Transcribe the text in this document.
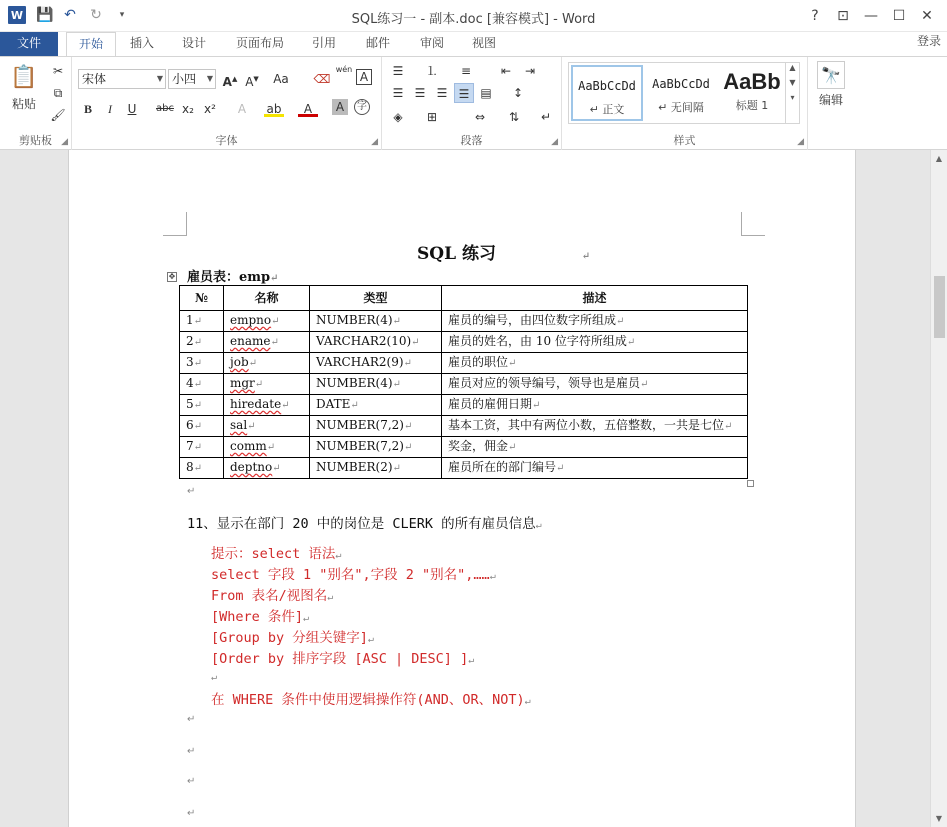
W 💾 ↶ ↻	▾	SQL练习一 - 副本.doc [兼容模式] - Word	?	⊡	—	☐	✕
文件	开始	插入	设计	页面布局	引用	邮件	审阅	视图	登录
📋
粘贴
✂
⧉
🖌
剪贴板	◢
宋体	▼ 小四 ▼ A▲ A▼	Aa	⌫
wén
A
B	I	U	abc x₂ x²	A	ab	A	A	字
字体	◢
☰	⒈	≡	⇤	⇥
☰ ☰ ☰ ☰ ▤	↕
◈	⊞	⇔	⇅	↵
段落	◢	样式	◢
AaBbCcDd
↵ 正文
AaBbCcDd
↵ 无间隔
AaBb
标题 1
▲
▼
▾
🔭
编辑
SQL 练习	↵
✥ 雇员表：emp↵
№	名称	类型	描述
1↵	empno↵	NUMBER(4)↵	雇员的编号，由四位数字所组成↵
2↵	ename↵	VARCHAR2(10)↵	雇员的姓名，由 10 位字符所组成↵
3↵	job↵	VARCHAR2(9)↵	雇员的职位↵
4↵	mgr↵	NUMBER(4)↵	雇员对应的领导编号，领导也是雇员↵
5↵	hiredate↵	DATE↵	雇员的雇佣日期↵
6↵	sal↵	NUMBER(7,2)↵	基本工资，其中有两位小数，五倍整数，一共是七位↵
7↵	comm↵	NUMBER(7,2)↵	奖金，佣金↵
8↵	deptno↵	NUMBER(2)↵	雇员所在的部门编号↵
↵
11、显示在部门 20 中的岗位是 CLERK 的所有雇员信息↵
提示：select 语法↵
select 字段 1 "别名",字段 2 "别名",……↵
From 表名/视图名↵
[Where 条件]↵
[Group by 分组关键字]↵
[Order by 排序字段 [ASC | DESC] ]↵
↵
在 WHERE 条件中使用逻辑操作符(AND、OR、NOT)↵
↵
↵
↵
↵
▲
▼
